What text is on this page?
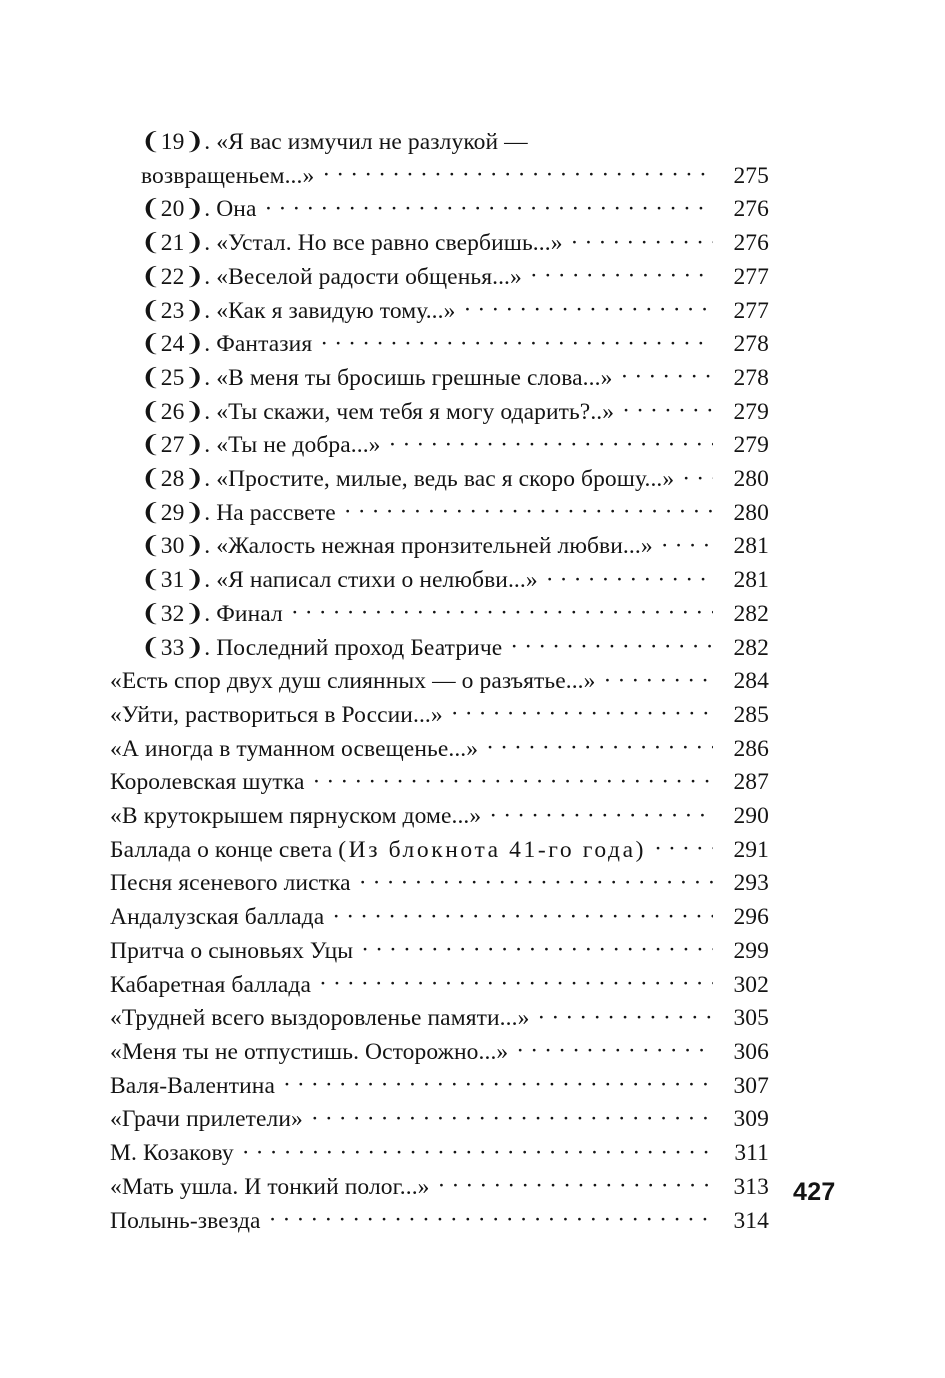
❨19❩. «Я вас измучил не разлукой —
возвращеньем...» . . .	275
❨20❩. Она . . .	276
❨21❩. «Устал. Но все равно свербишь...» . . .	276
❨22❩. «Веселой радости общенья...» . . .	277
❨23❩. «Как я завидую тому...» . . .	277
❨24❩. Фантазия . . .	278
❨25❩. «В меня ты бросишь грешные слова...» . . .	278
❨26❩. «Ты скажи, чем тебя я могу одарить?..» . . .	279
❨27❩. «Ты не добра...» . . .	279
❨28❩. «Простите, милые, ведь вас я скоро брошу...» . . .	280
❨29❩. На рассвете . . .	280
❨30❩. «Жалость нежная пронзительней любви...» . . .	281
❨31❩. «Я написал стихи о нелюбви...» . . .	281
❨32❩. Финал . . .	282
❨33❩. Последний проход Беатриче . . .	282
«Есть спор двух душ слиянных — о разъятье...» . . .	284
«Уйти, раствориться в России...» . . .	285
«А иногда в туманном освещенье...» . . .	286
Королевская шутка . . .	287
«В крутокрышем пярнуском доме...» . . .	290
Баллада о конце света (Из блокнота 41-го года) . . .	291
Песня ясеневого листка . . .	293
Андалузская баллада . . .	296
Притча о сыновьях Уцы . . .	299
Кабаретная баллада . . .	302
«Трудней всего выздоровленье памяти...» . . .	305
«Меня ты не отпустишь. Осторожно...» . . .	306
Валя-Валентина . . .	307
«Грачи прилетели» . . .	309
М. Козакову . . .	311
«Мать ушла. И тонкий полог...» . . .	313
Полынь-звезда . . .	314
427
